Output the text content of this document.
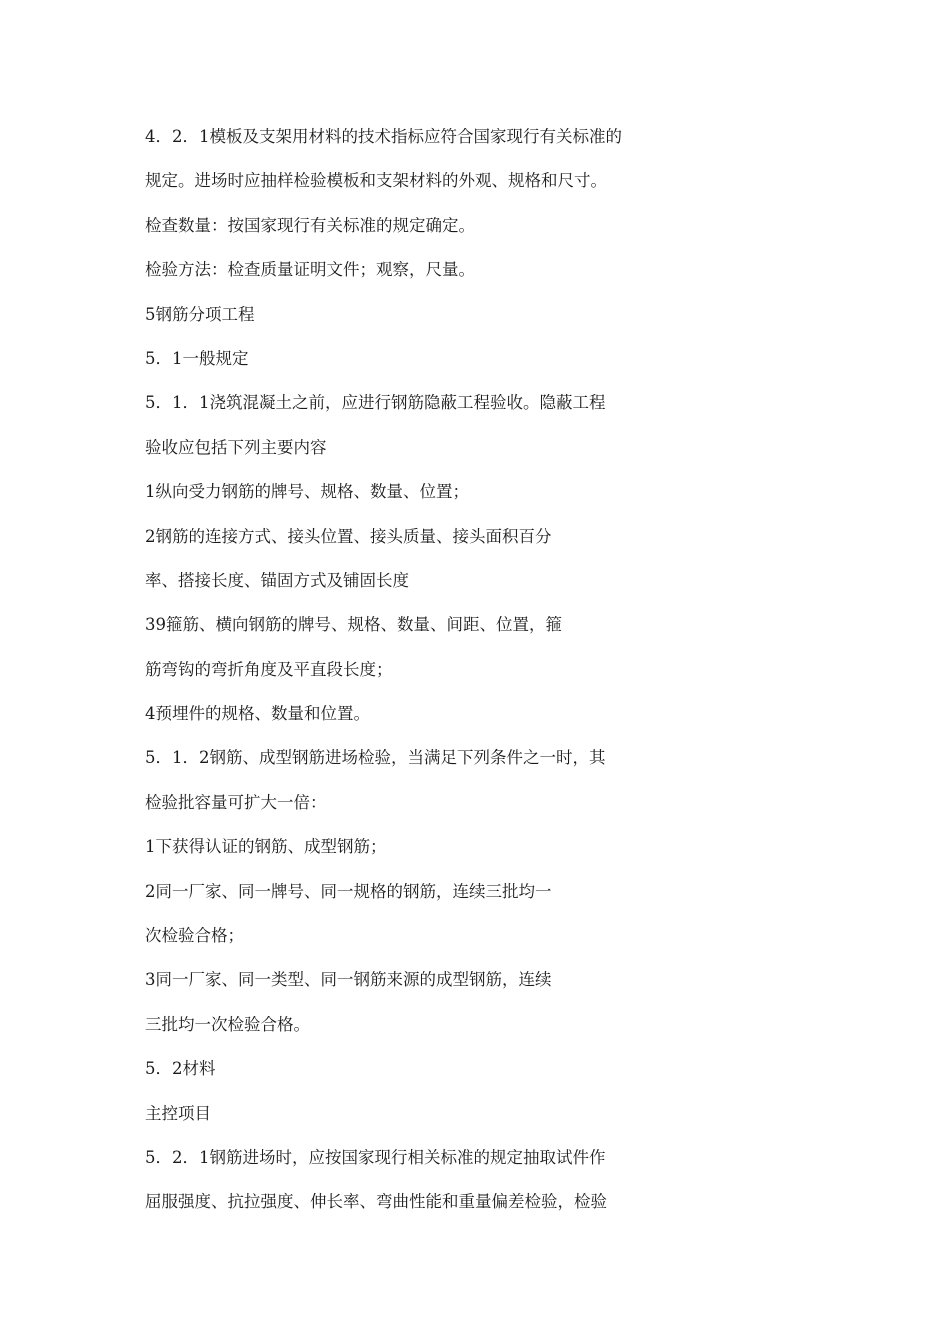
4．2．1模板及支架用材料的技术指标应符合国家现行有关标准的
规定。进场时应抽样检验模板和支架材料的外观、规格和尺寸。
检查数量：按国家现行有关标准的规定确定。
检验方法：检查质量证明文件；观察，尺量。
5钢筋分项工程
5．1一般规定
5．1．1浇筑混凝土之前，应进行钢筋隐蔽工程验收。隐蔽工程
验收应包括下列主要内容
1纵向受力钢筋的牌号、规格、数量、位置；
2钢筋的连接方式、接头位置、接头质量、接头面积百分
率、搭接长度、锚固方式及铺固长度
39箍筋、横向钢筋的牌号、规格、数量、间距、位置，箍
筋弯钩的弯折角度及平直段长度；
4预埋件的规格、数量和位置。
5．1．2钢筋、成型钢筋进场检验，当满足下列条件之一时，其
检验批容量可扩大一倍：
1下获得认证的钢筋、成型钢筋；
2同一厂家、同一牌号、同一规格的钢筋，连续三批均一
次检验合格；
3同一厂家、同一类型、同一钢筋来源的成型钢筋，连续
三批均一次检验合格。
5．2材料
主控项目
5．2．1钢筋进场时，应按国家现行相关标准的规定抽取试件作
屈服强度、抗拉强度、伸长率、弯曲性能和重量偏差检验，检验
